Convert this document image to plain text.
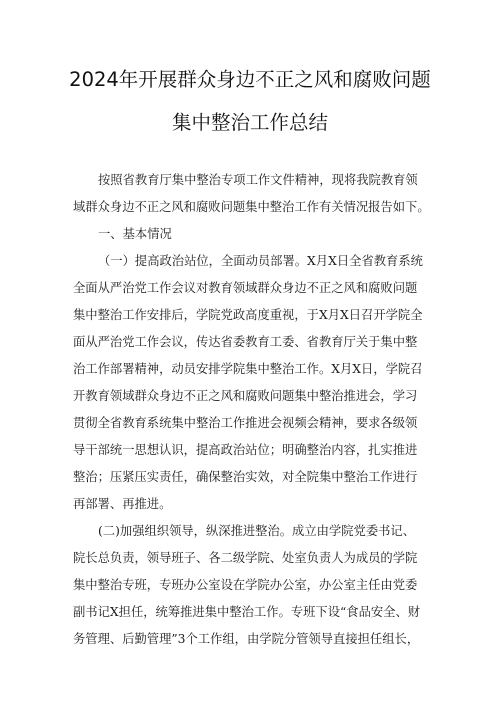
2024年开展群众身边不正之风和腐败问题
集中整治工作总结
按照省教育厅集中整治专项工作文件精神，现将我院教育领
域群众身边不正之风和腐败问题集中整治工作有关情况报告如下。
一、基本情况
（一）提高政治站位，全面动员部署。X月X日全省教育系统
全面从严治党工作会议对教育领域群众身边不正之风和腐败问题
集中整治工作安排后，学院党政高度重视，于X月X日召开学院全
面从严治党工作会议，传达省委教育工委、省教育厅关于集中整
治工作部署精神，动员安排学院集中整治工作。X月X日，学院召
开教育领域群众身边不正之风和腐败问题集中整治推进会，学习
贯彻全省教育系统集中整治工作推进会视频会精神，要求各级领
导干部统一思想认识，提高政治站位；明确整治内容，扎实推进
整治；压紧压实责任，确保整治实效，对全院集中整治工作进行
再部署、再推进。
(二)加强组织领导，纵深推进整治。成立由学院党委书记、
院长总负责，领导班子、各二级学院、处室负责人为成员的学院
集中整治专班，专班办公室设在学院办公室，办公室主任由党委
副书记X担任，统筹推进集中整治工作。专班下设“食品安全、财
务管理、后勤管理”3个工作组，由学院分管领导直接担任组长，
